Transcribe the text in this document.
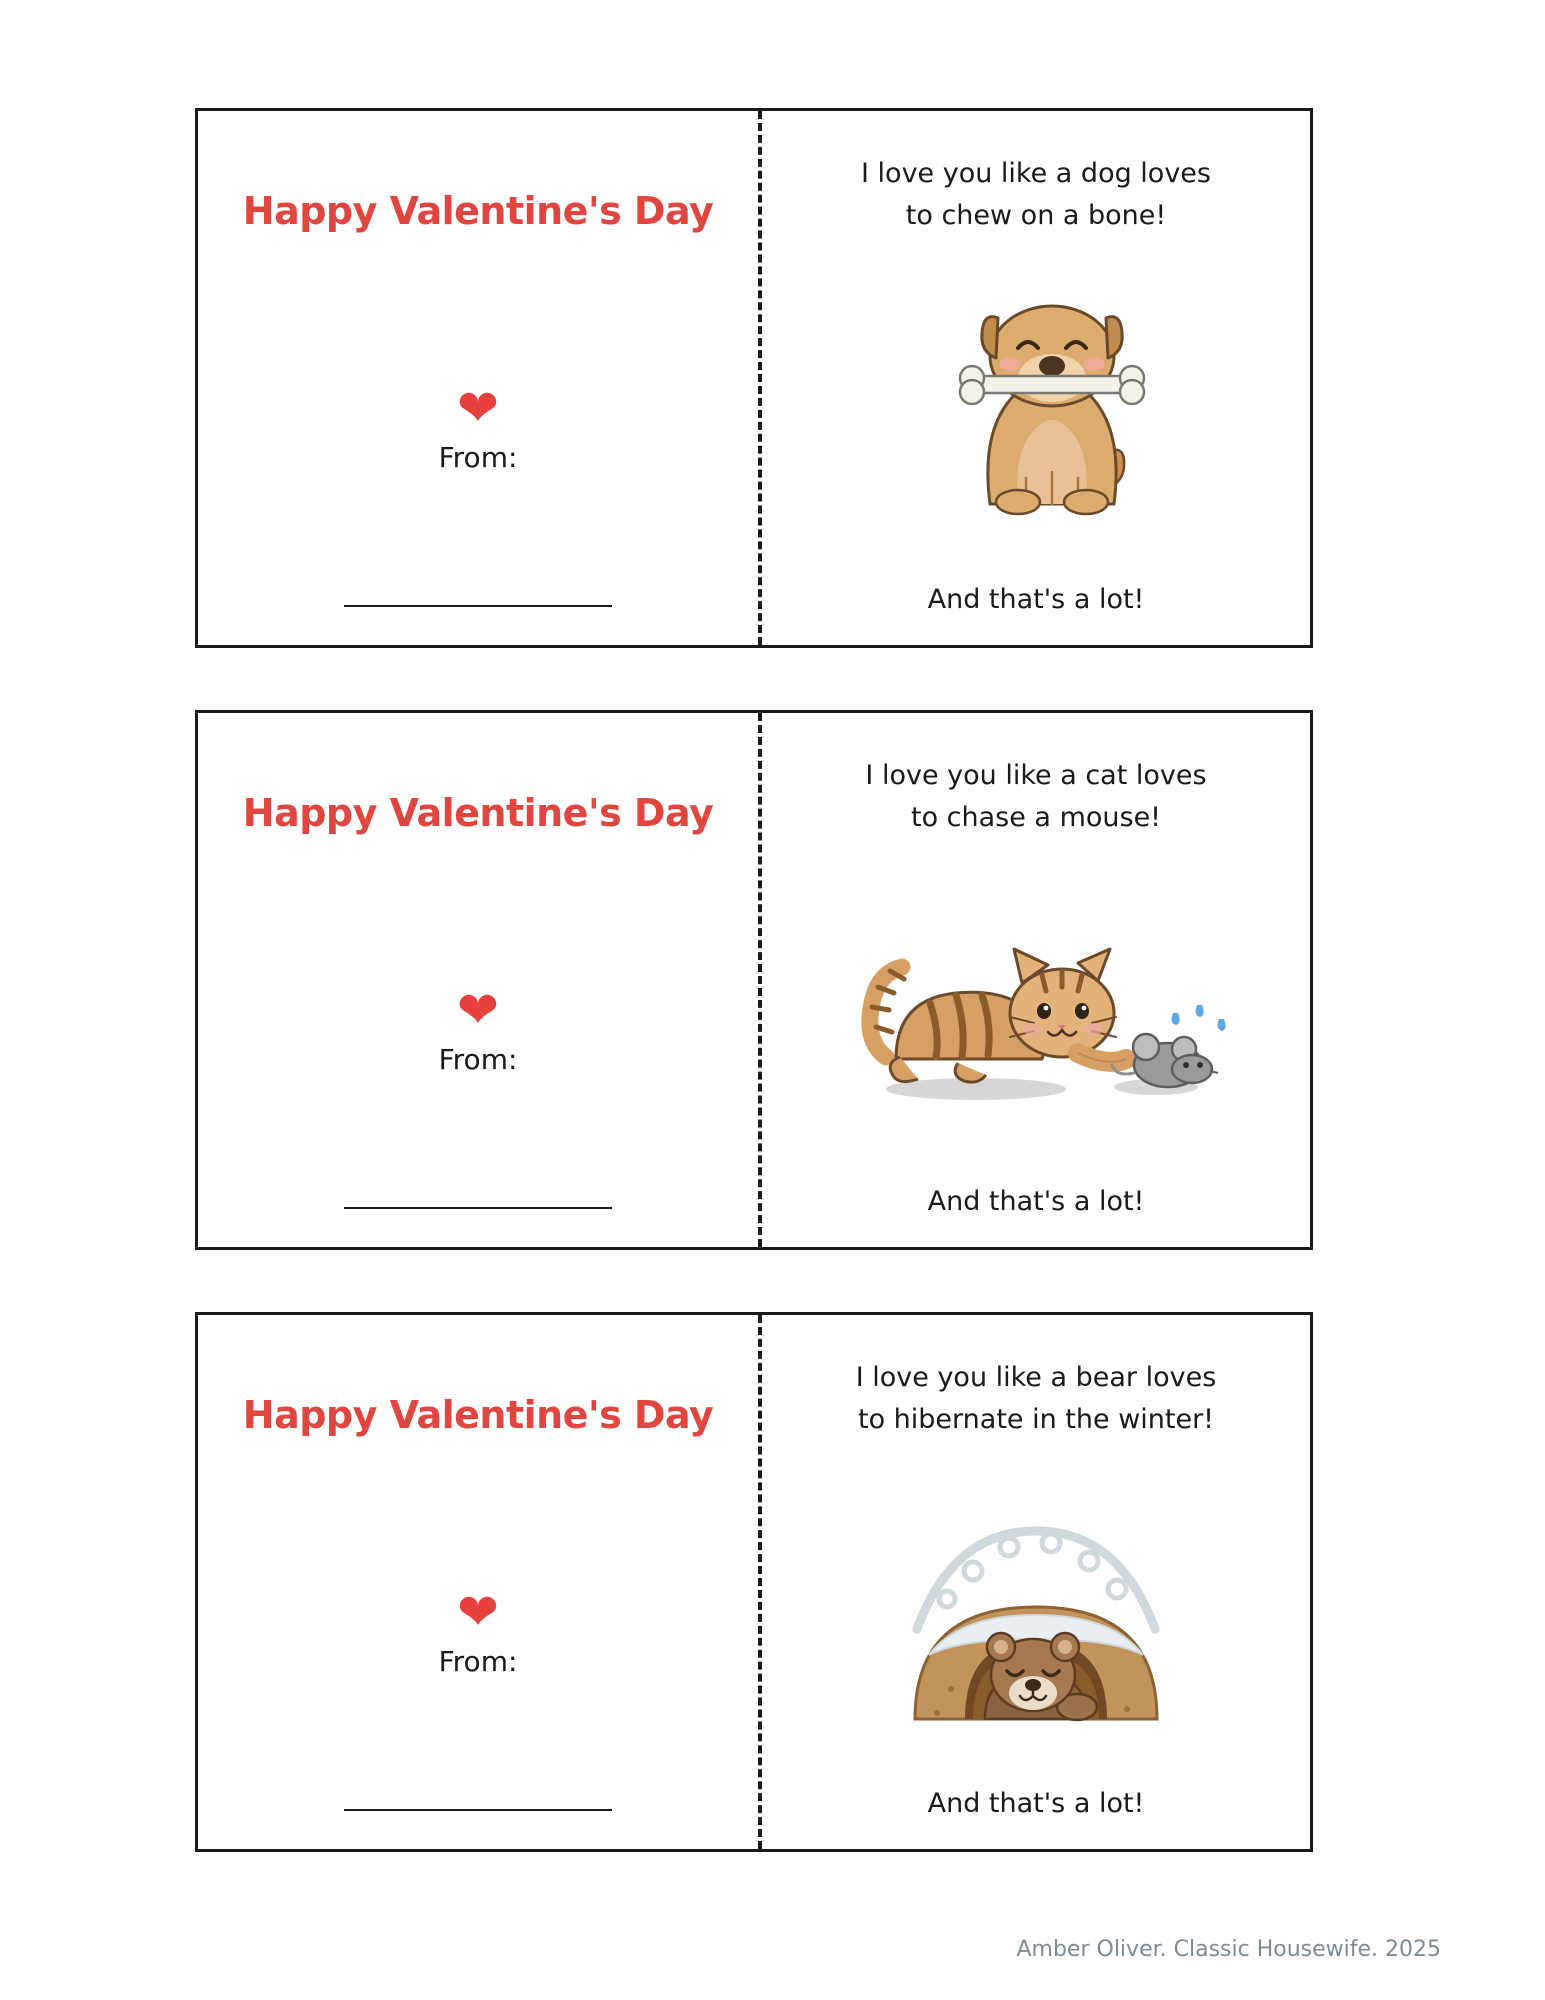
Happy Valentine's Day
❤
From:
I love you like a dog loves
to chew on a bone!
And that's a lot!
Happy Valentine's Day
❤
From:
I love you like a cat loves
to chase a mouse!
And that's a lot!
Happy Valentine's Day
❤
From:
I love you like a bear loves
to hibernate in the winter!
And that's a lot!
Amber Oliver. Classic Housewife. 2025
